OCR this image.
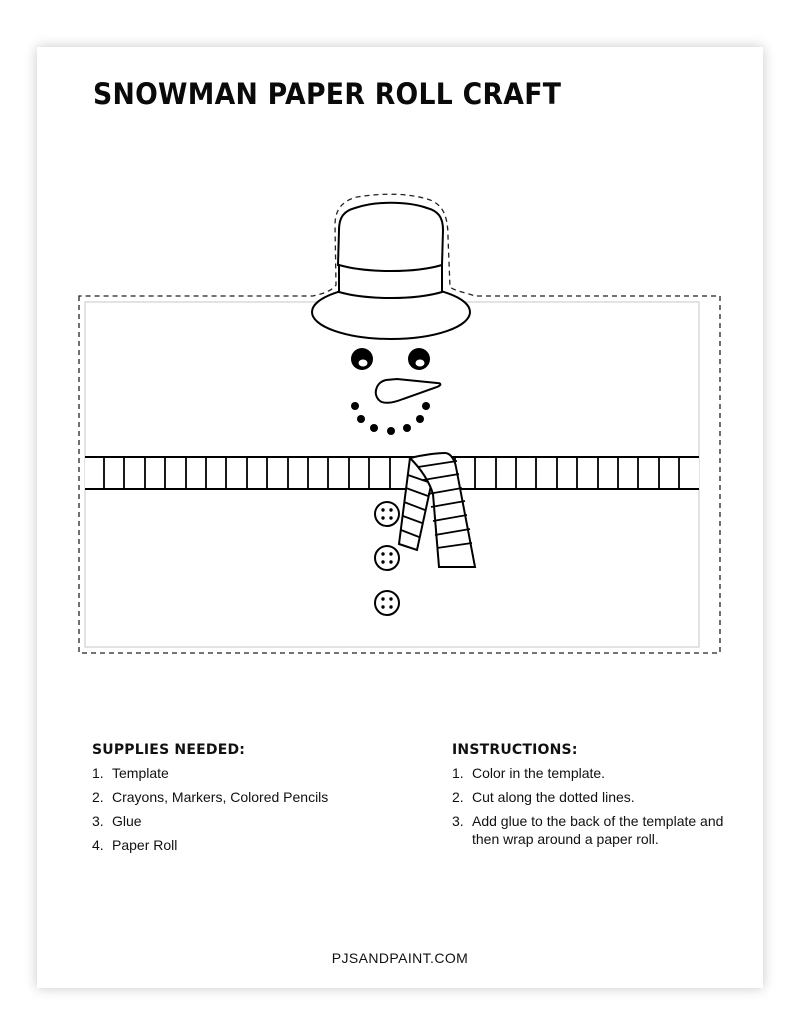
SNOWMAN PAPER ROLL CRAFT
SUPPLIES NEEDED:
1. Template
2. Crayons, Markers, Colored Pencils
3. Glue
4. Paper Roll
INSTRUCTIONS:
1. Color in the template.
2. Cut along the dotted lines.
3. Add glue to the back of the template and then wrap around a paper roll.
PJSANDPAINT.COM
